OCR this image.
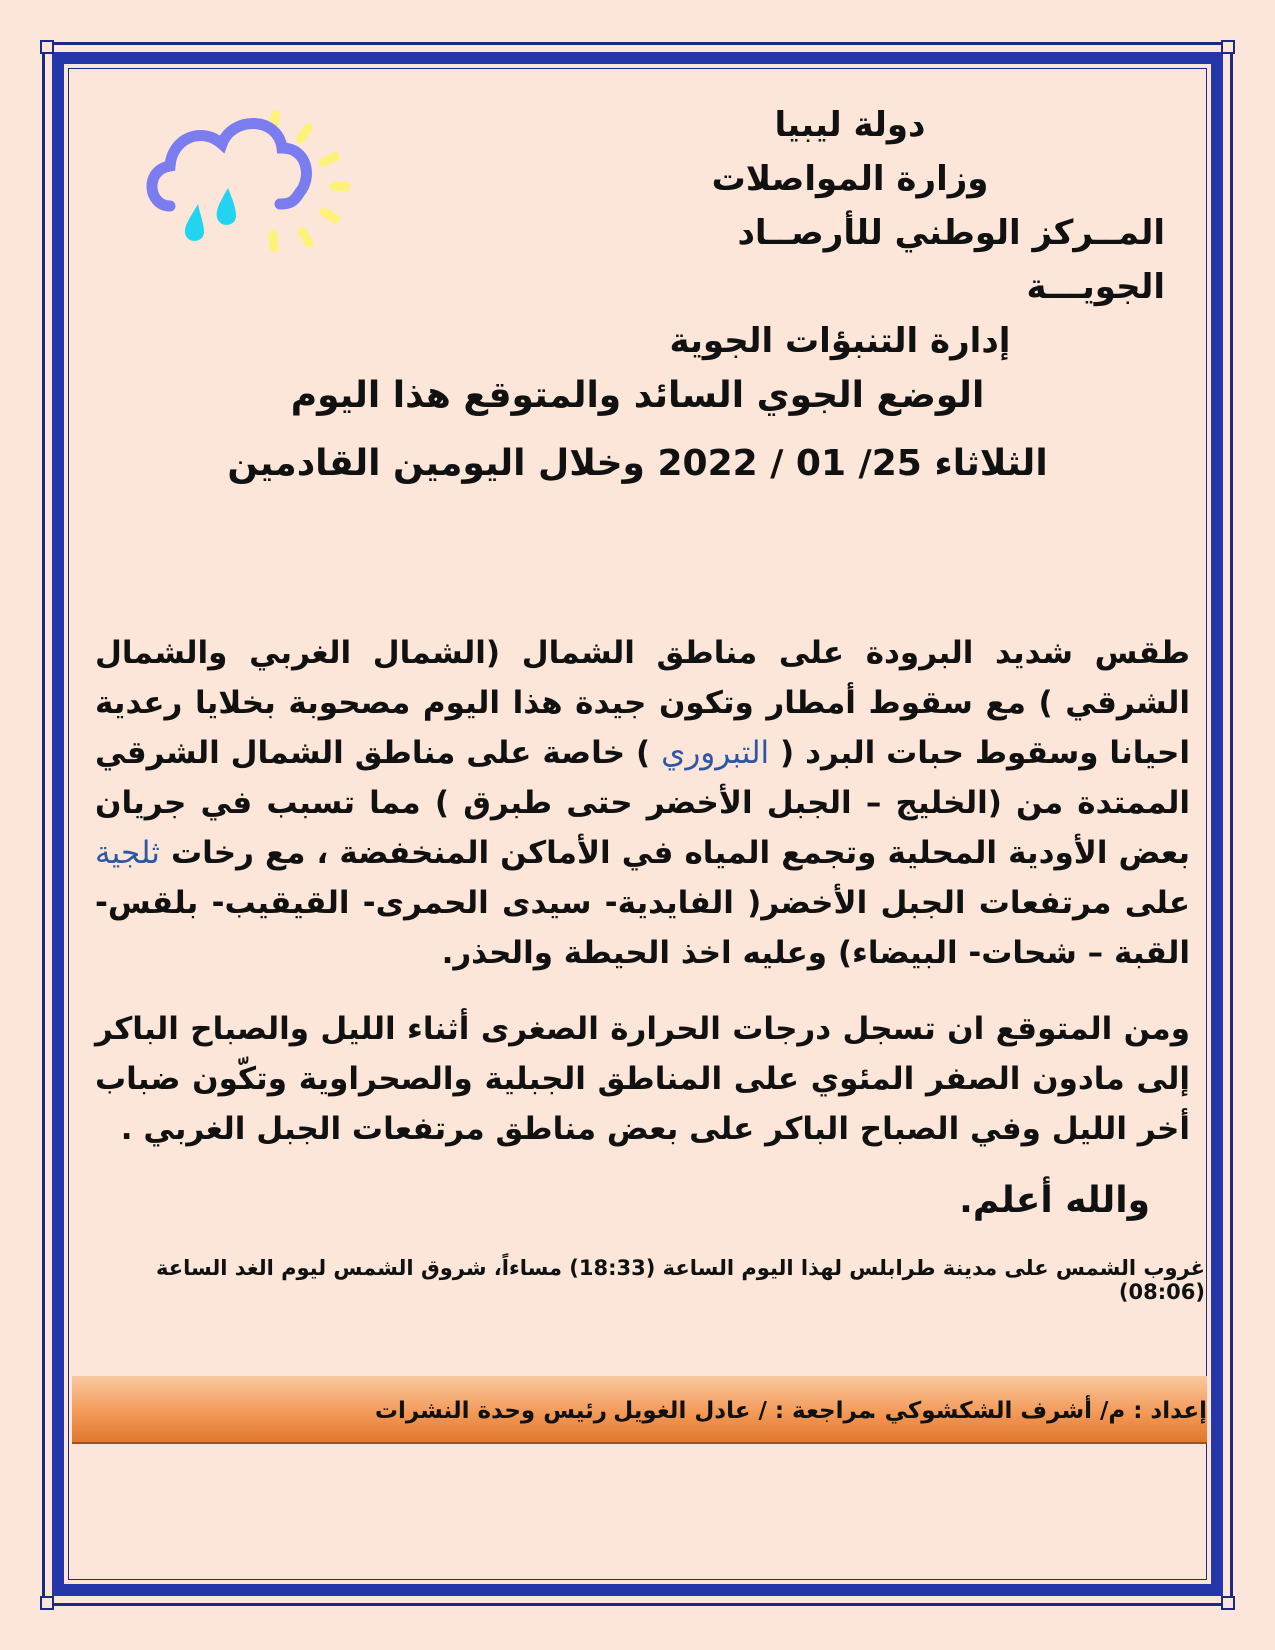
دولة ليبيا
وزارة المواصلات
المــركز الوطني للأرصــاد الجويـــة
إدارة التنبؤات الجوية
الوضع الجوي السائد والمتوقع هذا اليوم
الثلاثاء 25/ 01 / 2022 وخلال اليومين القادمين

طقس شديد البرودة على مناطق الشمال (الشمال الغربي والشمال الشرقي ) مع سقوط أمطار وتكون جيدة هذا اليوم مصحوبة بخلايا رعدية احيانا وسقوط حبات البرد ( التبروري ) خاصة على مناطق الشمال الشرقي الممتدة من (الخليج – الجبل الأخضر حتى طبرق ) مما تسبب في جريان بعض الأودية المحلية وتجمع المياه في الأماكن المنخفضة ، مع رخات ثلجية على مرتفعات الجبل الأخضر( الفايدية- سيدى الحمرى- القيقيب- بلقس- القبة – شحات- البيضاء) وعليه اخذ الحيطة والحذر.

ومن المتوقع ان تسجل درجات الحرارة الصغرى أثناء الليل والصباح الباكر إلى مادون الصفر المئوي على المناطق الجبلية والصحراوية وتكّون ضباب أخر الليل وفي الصباح الباكر على بعض مناطق مرتفعات الجبل الغربي .

والله أعلم.
غروب الشمس على مدينة طرابلس لهذا اليوم الساعة (18:33) مساءاً، شروق الشمس ليوم الغد الساعة (08:06)
إعداد : م/ أشرف الشكشوكي .
مراجعة : / عادل الغويل
رئيس وحدة النشرات
